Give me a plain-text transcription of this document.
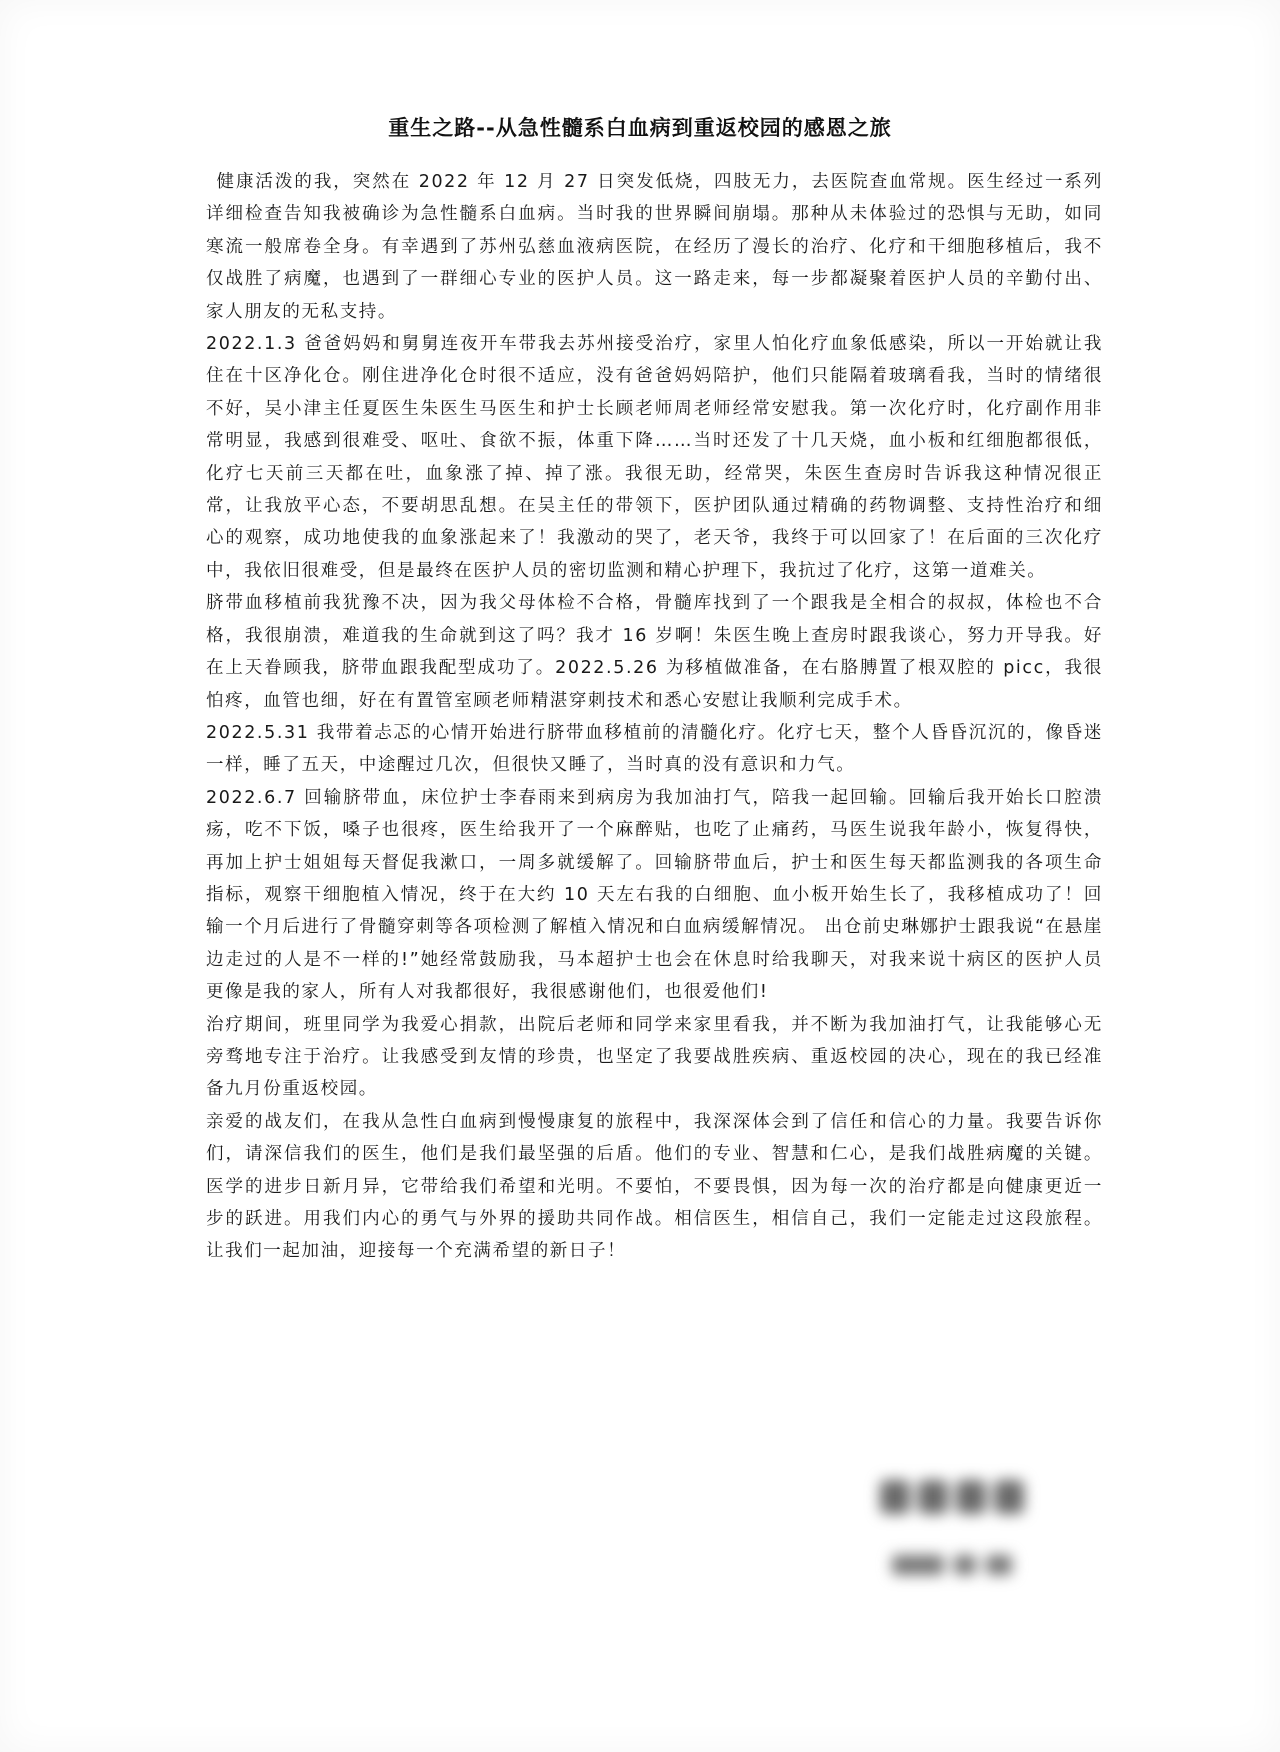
重生之路--从急性髓系白血病到重返校园的感恩之旅

健康活泼的我，突然在 2022 年 12 月 27 日突发低烧，四肢无力，去医院查血常规。医生经过一系列详细检查告知我被确诊为急性髓系白血病。当时我的世界瞬间崩塌。那种从未体验过的恐惧与无助，如同寒流一般席卷全身。有幸遇到了苏州弘慈血液病医院，在经历了漫长的治疗、化疗和干细胞移植后，我不仅战胜了病魔，也遇到了一群细心专业的医护人员。这一路走来，每一步都凝聚着医护人员的辛勤付出、家人朋友的无私支持。

2022.1.3 爸爸妈妈和舅舅连夜开车带我去苏州接受治疗，家里人怕化疗血象低感染，所以一开始就让我住在十区净化仓。刚住进净化仓时很不适应，没有爸爸妈妈陪护，他们只能隔着玻璃看我，当时的情绪很不好，吴小津主任夏医生朱医生马医生和护士长顾老师周老师经常安慰我。第一次化疗时，化疗副作用非常明显，我感到很难受、呕吐、食欲不振，体重下降……当时还发了十几天烧，血小板和红细胞都很低，化疗七天前三天都在吐，血象涨了掉、掉了涨。我很无助，经常哭，朱医生查房时告诉我这种情况很正常，让我放平心态，不要胡思乱想。在吴主任的带领下，医护团队通过精确的药物调整、支持性治疗和细心的观察，成功地使我的血象涨起来了！我激动的哭了，老天爷，我终于可以回家了！在后面的三次化疗中，我依旧很难受，但是最终在医护人员的密切监测和精心护理下，我抗过了化疗，这第一道难关。

脐带血移植前我犹豫不决，因为我父母体检不合格，骨髓库找到了一个跟我是全相合的叔叔，体检也不合格，我很崩溃，难道我的生命就到这了吗？我才 16 岁啊！朱医生晚上查房时跟我谈心，努力开导我。好在上天眷顾我，脐带血跟我配型成功了。2022.5.26 为移植做准备，在右胳膊置了根双腔的 picc，我很怕疼，血管也细，好在有置管室顾老师精湛穿刺技术和悉心安慰让我顺利完成手术。

2022.5.31 我带着忐忑的心情开始进行脐带血移植前的清髓化疗。化疗七天，整个人昏昏沉沉的，像昏迷一样，睡了五天，中途醒过几次，但很快又睡了，当时真的没有意识和力气。

2022.6.7 回输脐带血，床位护士李春雨来到病房为我加油打气，陪我一起回输。回输后我开始长口腔溃疡，吃不下饭，嗓子也很疼，医生给我开了一个麻醉贴，也吃了止痛药，马医生说我年龄小，恢复得快，再加上护士姐姐每天督促我漱口，一周多就缓解了。回输脐带血后，护士和医生每天都监测我的各项生命指标，观察干细胞植入情况，终于在大约 10 天左右我的白细胞、血小板开始生长了，我移植成功了！回输一个月后进行了骨髓穿刺等各项检测了解植入情况和白血病缓解情况。 出仓前史琳娜护士跟我说“在悬崖边走过的人是不一样的!”她经常鼓励我，马本超护士也会在休息时给我聊天，对我来说十病区的医护人员更像是我的家人，所有人对我都很好，我很感谢他们，也很爱他们!

治疗期间，班里同学为我爱心捐款，出院后老师和同学来家里看我，并不断为我加油打气，让我能够心无旁骛地专注于治疗。让我感受到友情的珍贵，也坚定了我要战胜疾病、重返校园的决心，现在的我已经准备九月份重返校园。

亲爱的战友们，在我从急性白血病到慢慢康复的旅程中，我深深体会到了信任和信心的力量。我要告诉你们，请深信我们的医生，他们是我们最坚强的后盾。他们的专业、智慧和仁心，是我们战胜病魔的关键。医学的进步日新月异，它带给我们希望和光明。不要怕，不要畏惧，因为每一次的治疗都是向健康更近一步的跃进。用我们内心的勇气与外界的援助共同作战。相信医生，相信自己，我们一定能走过这段旅程。让我们一起加油，迎接每一个充满希望的新日子！
